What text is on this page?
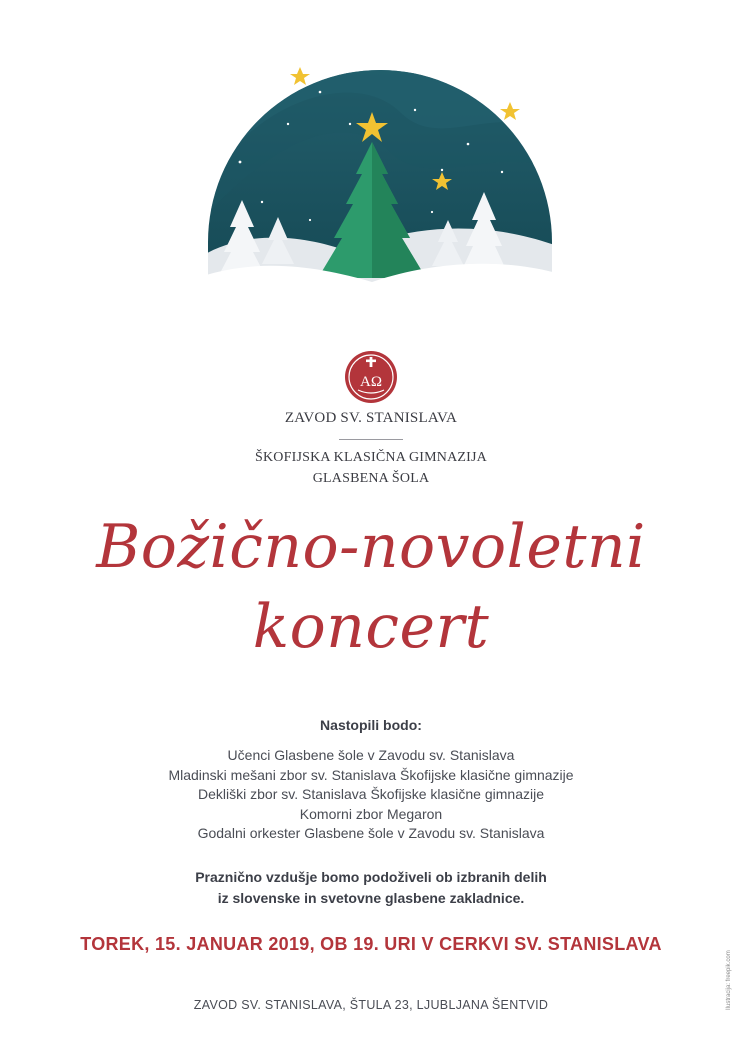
AΩ
ZAVOD SV. STANISLAVA
ŠKOFIJSKA KLASIČNA GIMNAZIJA
GLASBENA ŠOLA
Božično-novoletni
koncert
Nastopili bodo:
Učenci Glasbene šole v Zavodu sv. Stanislava
Mladinski mešani zbor sv. Stanislava Škofijske klasične gimnazije
Dekliški zbor sv. Stanislava Škofijske klasične gimnazije
Komorni zbor Megaron
Godalni orkester Glasbene šole v Zavodu sv. Stanislava
Praznično vzdušje bomo podoživeli ob izbranih delih
iz slovenske in svetovne glasbene zakladnice.
TOREK, 15. JANUAR 2019, OB 19. URI V CERKVI SV. STANISLAVA
ZAVOD SV. STANISLAVA, ŠTULA 23, LJUBLJANA ŠENTVID	Ilustracija: freepik.com
